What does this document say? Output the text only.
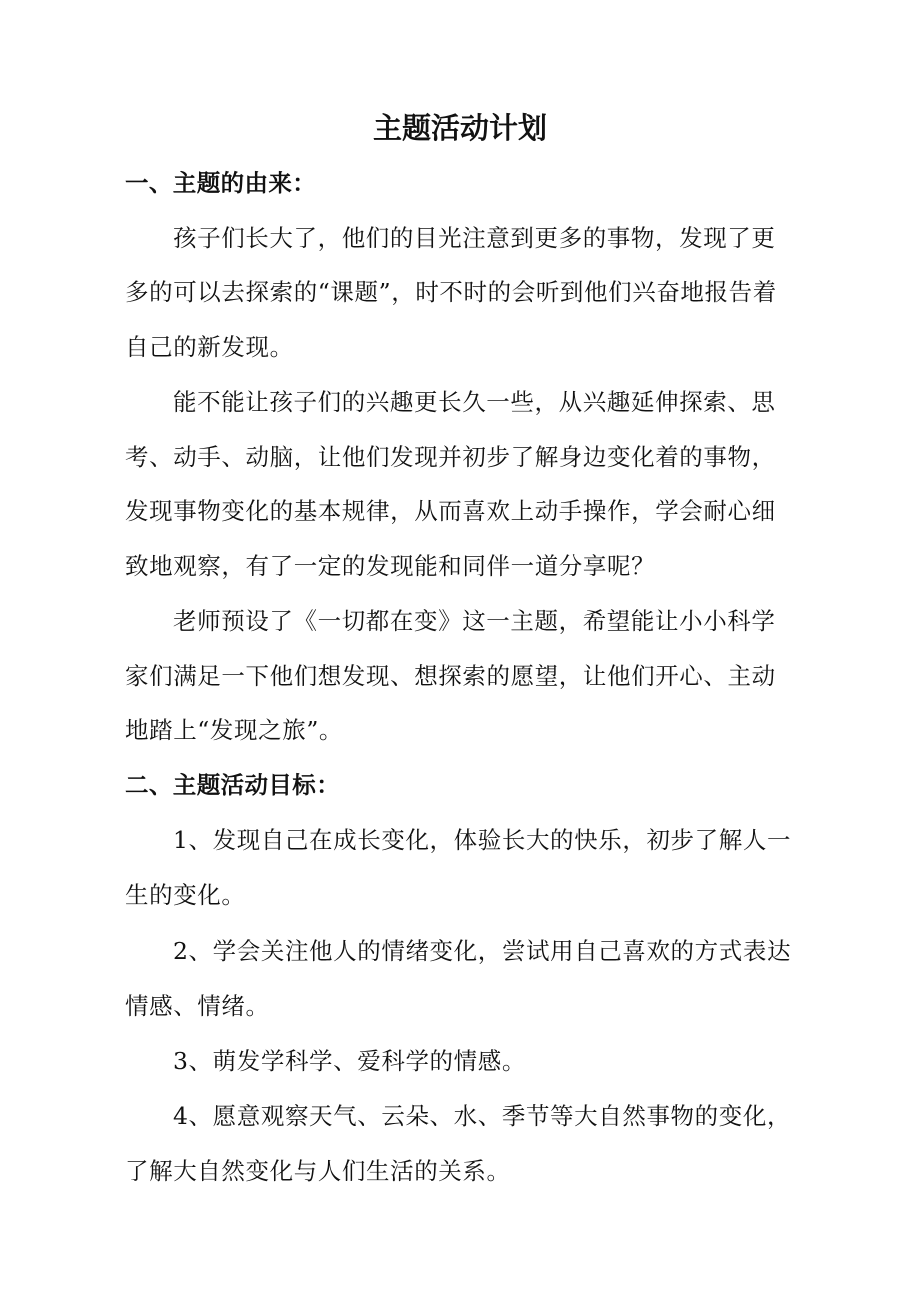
主题活动计划
一、主题的由来：
孩子们长大了，他们的目光注意到更多的事物，发现了更
多的可以去探索的“课题”，时不时的会听到他们兴奋地报告着
自己的新发现。
能不能让孩子们的兴趣更长久一些，从兴趣延伸探索、思
考、动手、动脑，让他们发现并初步了解身边变化着的事物，
发现事物变化的基本规律，从而喜欢上动手操作，学会耐心细
致地观察，有了一定的发现能和同伴一道分享呢？
老师预设了《一切都在变》这一主题，希望能让小小科学
家们满足一下他们想发现、想探索的愿望，让他们开心、主动
地踏上“发现之旅”。
二、主题活动目标：
1、发现自己在成长变化，体验长大的快乐，初步了解人一
生的变化。
2、学会关注他人的情绪变化，尝试用自己喜欢的方式表达
情感、情绪。
3、萌发学科学、爱科学的情感。
4、愿意观察天气、云朵、水、季节等大自然事物的变化，
了解大自然变化与人们生活的关系。
